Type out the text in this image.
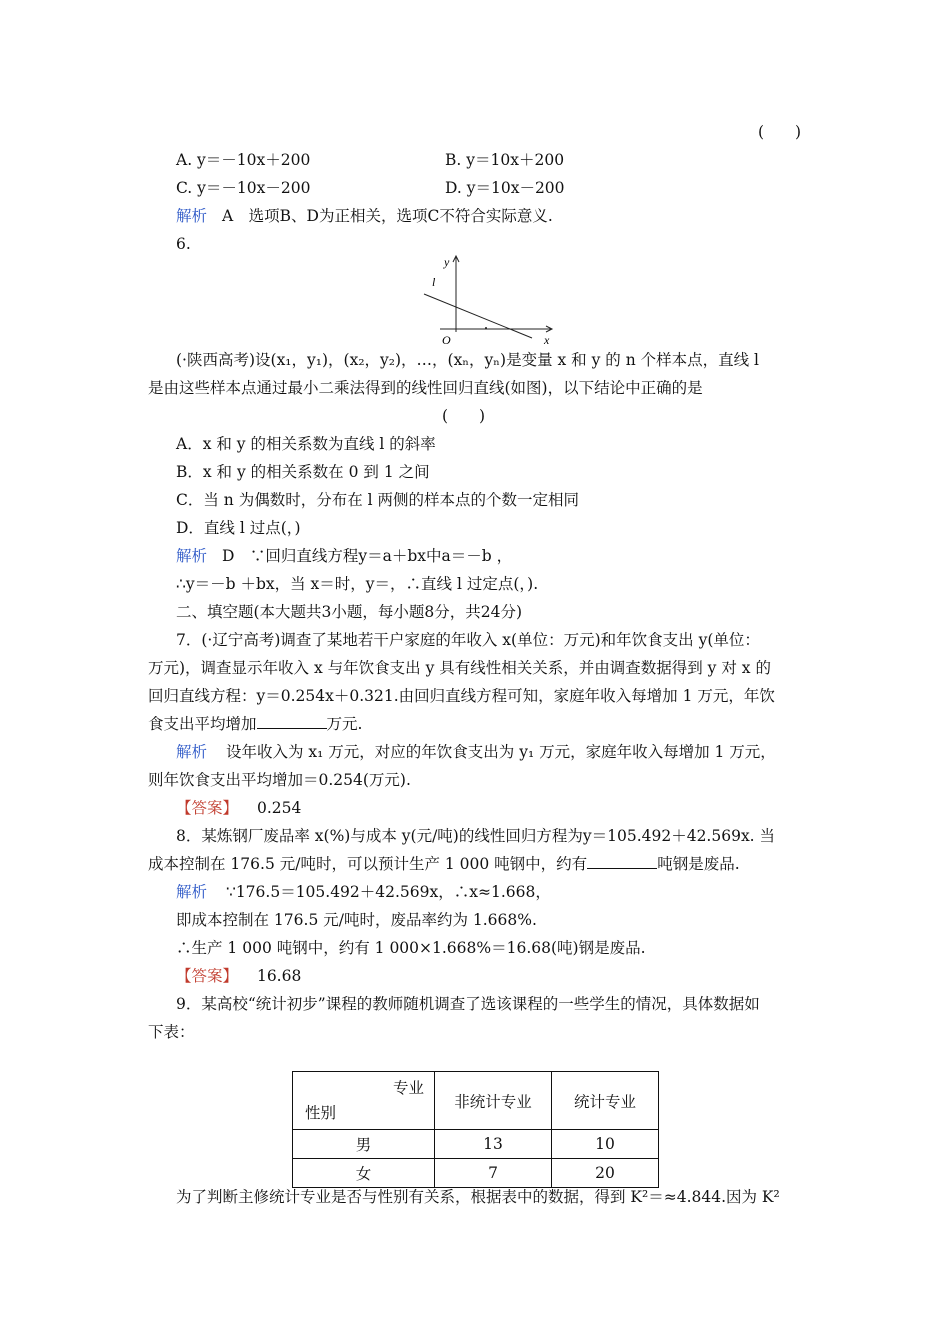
(　　)
A. y＝－10x＋200	B. y＝10x＋200
C. y＝－10x－200	D. y＝10x－200
解析 A　选项B、D为正相关，选项C不符合实际意义.
6.
y
l
O	x
(·陕西高考)设(x₁，y₁)，(x₂，y₂)，…，(xₙ，yₙ)是变量 x 和 y 的 n 个样本点，直线 l
是由这些样本点通过最小二乘法得到的线性回归直线(如图)，以下结论中正确的是
(　　)
A．x 和 y 的相关系数为直线 l 的斜率
B．x 和 y 的相关系数在 0 到 1 之间
C．当 n 为偶数时，分布在 l 两侧的样本点的个数一定相同
D．直线 l 过点(，)
解析 D　∵回归直线方程y＝a＋bx中a＝－b ，
∴y＝－b ＋bx，当 x＝时，y＝，∴直线 l 过定点(，).
二、填空题(本大题共3小题，每小题8分，共24分)
7．(·辽宁高考)调查了某地若干户家庭的年收入 x(单位：万元)和年饮食支出 y(单位：
万元)，调查显示年收入 x 与年饮食支出 y 具有线性相关关系，并由调查数据得到 y 对 x 的
回归直线方程：y＝0.254x＋0.321.由回归直线方程可知，家庭年收入每增加 1 万元，年饮
食支出平均增加	万元.
解析 设年收入为 x₁ 万元，对应的年饮食支出为 y₁ 万元，家庭年收入每增加 1 万元，
则年饮食支出平均增加＝0.254(万元).
【答案】 0.254
8．某炼钢厂废品率 x(%)与成本 y(元/吨)的线性回归方程为y＝105.492＋42.569x. 当
成本控制在 176.5 元/吨时，可以预计生产 1 000 吨钢中，约有	吨钢是废品.
解析 ∵176.5＝105.492＋42.569x，∴x≈1.668，
即成本控制在 176.5 元/吨时，废品率约为 1.668%.
∴生产 1 000 吨钢中，约有 1 000×1.668%＝16.68(吨)钢是废品.
【答案】 16.68
9．某高校“统计初步”课程的教师随机调查了选该课程的一些学生的情况，具体数据如
下表：
专业
性别	非统计专业	统计专业
男	13	10
女	7	20
为了判断主修统计专业是否与性别有关系，根据表中的数据，得到 K²＝≈4.844.因为 K²
